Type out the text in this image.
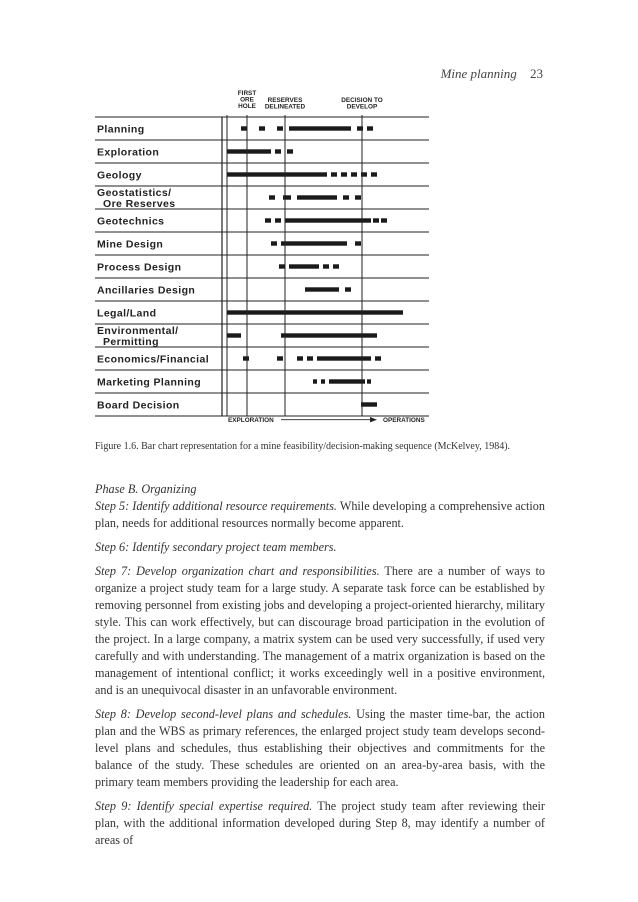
Mine planning 23
FIRST
ORE
HOLE
RESERVES
DELINEATED
DECISION TO
DEVELOP
Planning
Exploration
Geology
Geostatistics/
Ore Reserves
Geotechnics
Mine Design
Process Design
Ancillaries Design
Legal/Land
Environmental/
Permitting
Economics/Financial
Marketing Planning
Board Decision
EXPLORATION	OPERATIONS
Figure 1.6. Bar chart representation for a mine feasibility/decision-making sequence (McKelvey, 1984).

Phase B. Organizing

Step 5: Identify additional resource requirements. While developing a comprehensive action plan, needs for additional resources normally become apparent.

Step 6: Identify secondary project team members.

Step 7: Develop organization chart and responsibilities. There are a number of ways to organize a project study team for a large study. A separate task force can be established by removing personnel from existing jobs and developing a project-oriented hierarchy, military style. This can work effectively, but can discourage broad participation in the evolution of the project. In a large company, a matrix system can be used very successfully, if used very carefully and with understanding. The management of a matrix organization is based on the management of intentional conflict; it works exceedingly well in a positive environment, and is an unequivocal disaster in an unfavorable environment.

Step 8: Develop second-level plans and schedules. Using the master time-bar, the action plan and the WBS as primary references, the enlarged project study team develops second-level plans and schedules, thus establishing their objectives and commitments for the balance of the study. These schedules are oriented on an area-by-area basis, with the primary team members providing the leadership for each area.

Step 9: Identify special expertise required. The project study team after reviewing their plan, with the additional information developed during Step 8, may identify a number of areas of
